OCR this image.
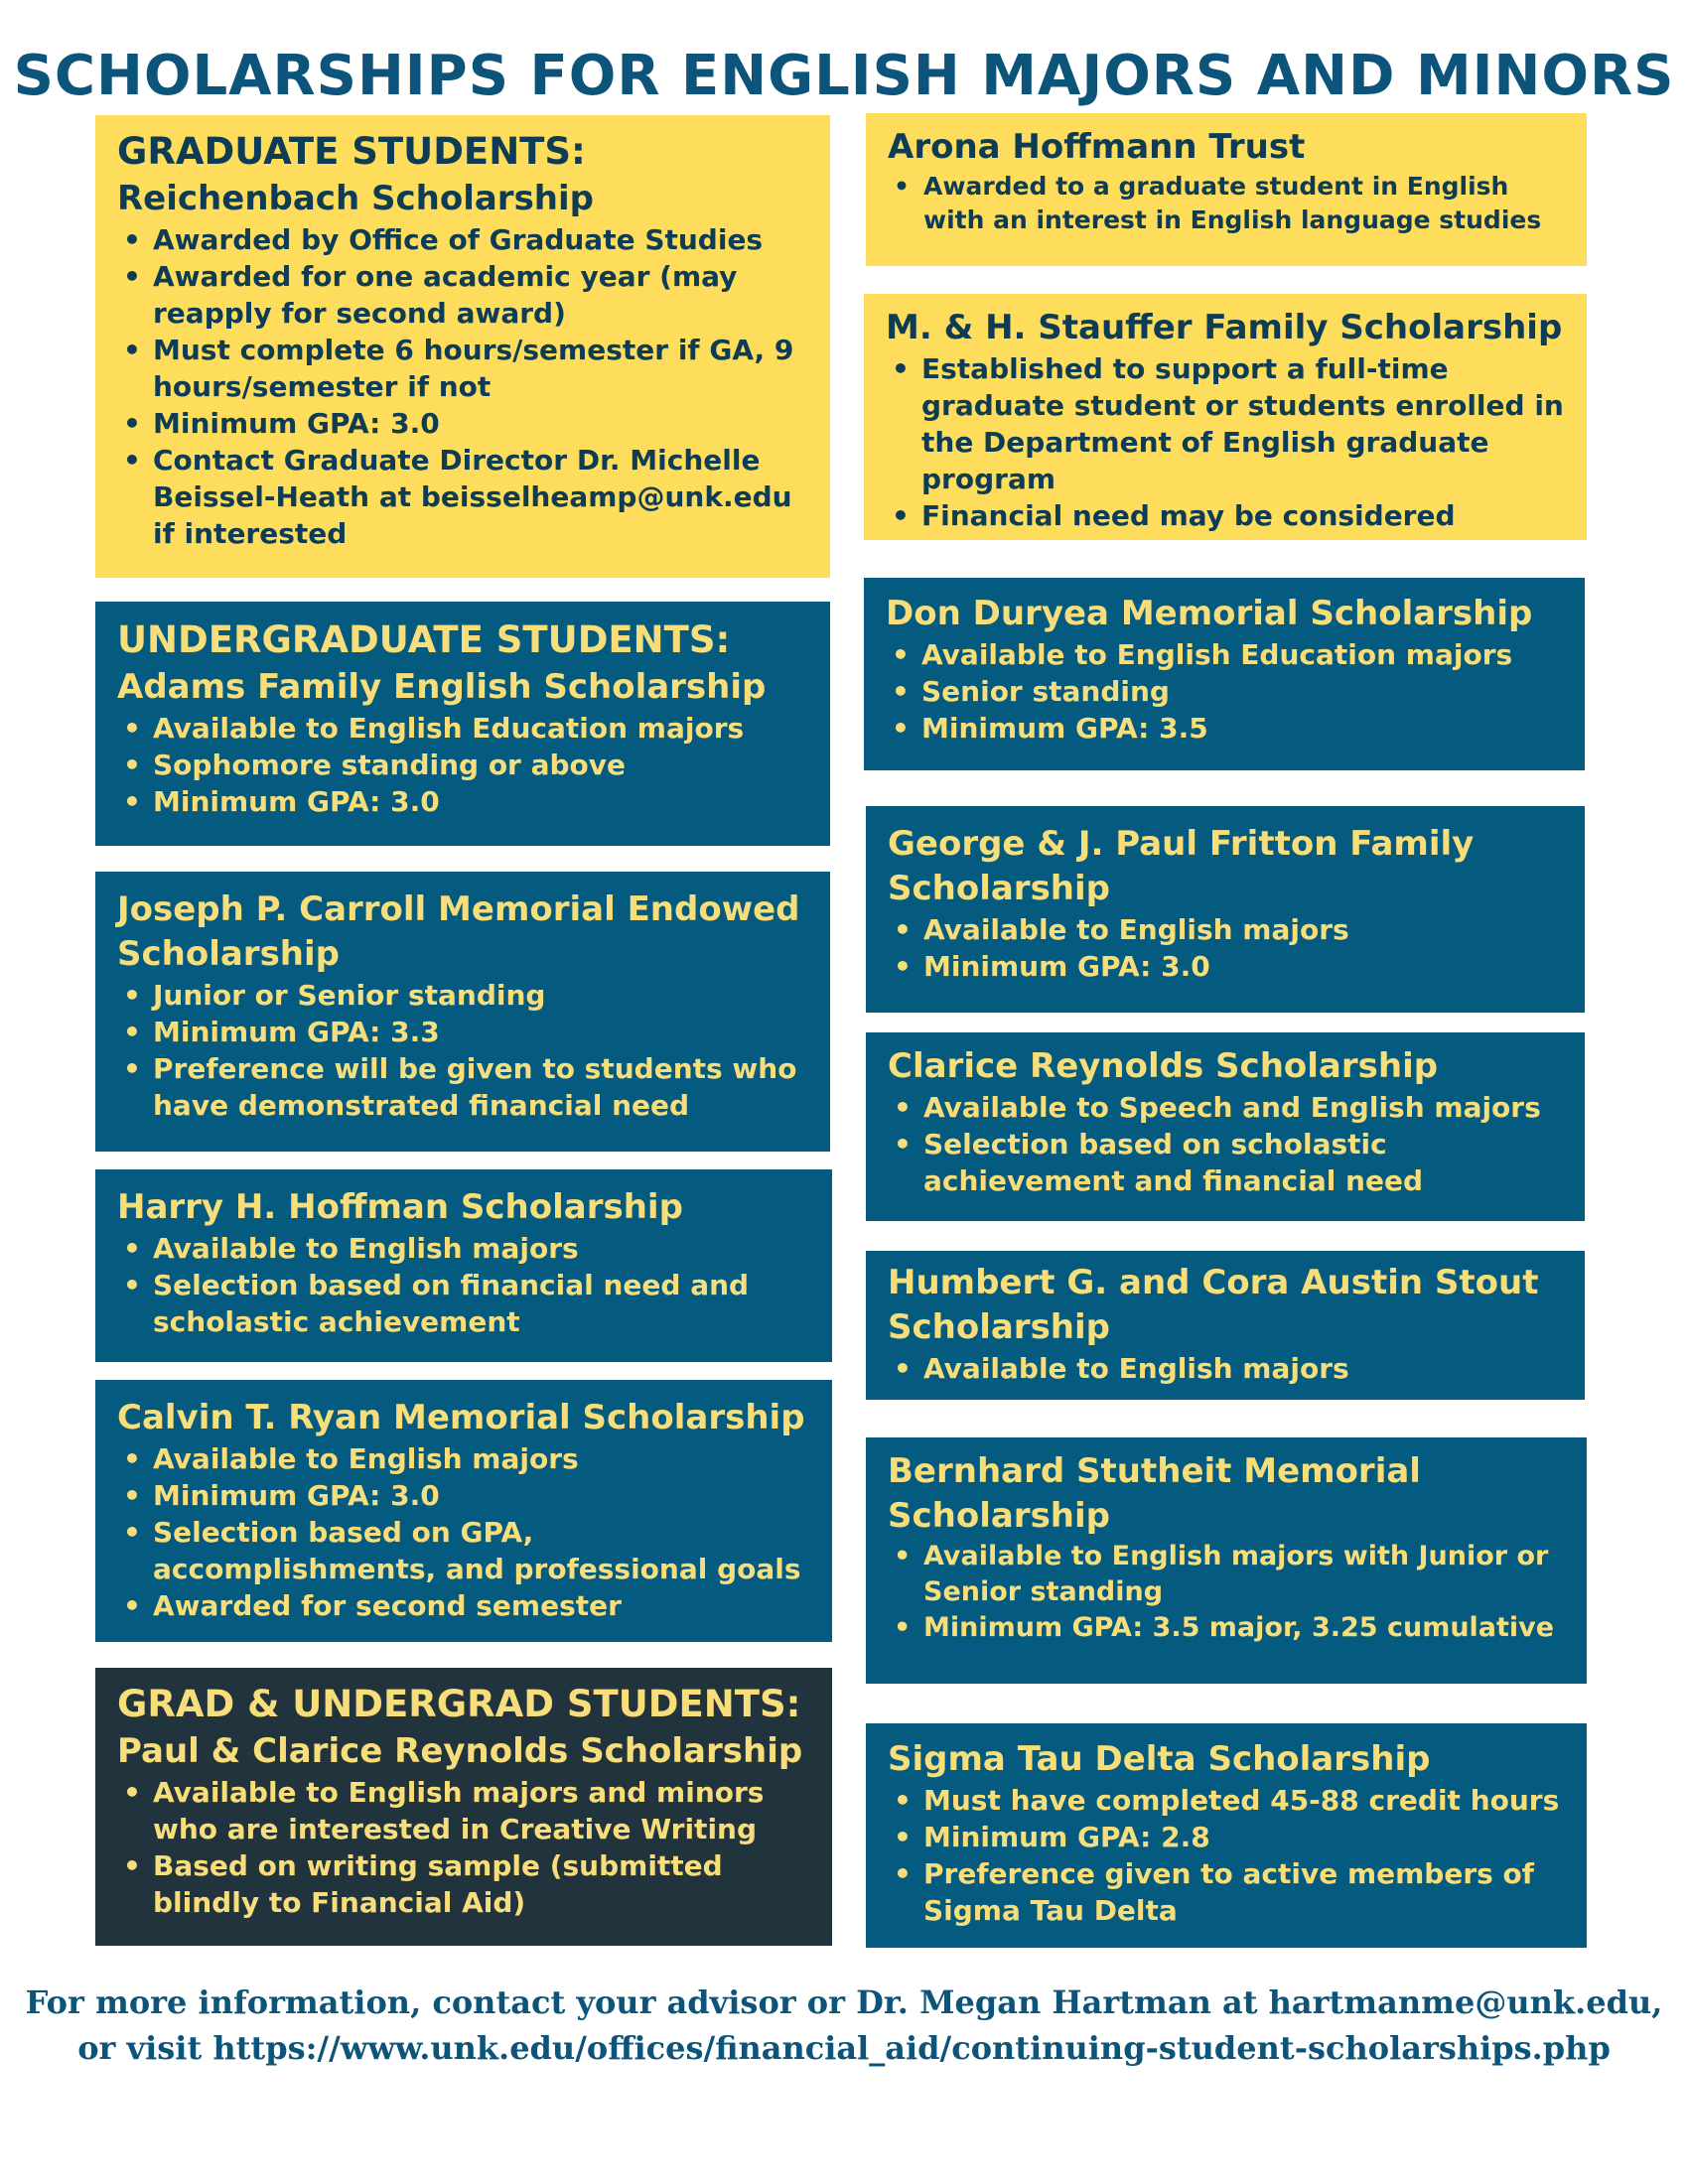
SCHOLARSHIPS FOR ENGLISH MAJORS AND MINORS
GRADUATE STUDENTS:
Reichenbach Scholarship
• Awarded by Office of Graduate Studies
• Awarded for one academic year (may reapply for second award)
• Must complete 6 hours/semester if GA, 9 hours/semester if not
• Minimum GPA: 3.0
• Contact Graduate Director Dr. Michelle Beissel-Heath at beisselheamp@unk.edu if interested
UNDERGRADUATE STUDENTS:
Adams Family English Scholarship
• Available to English Education majors
• Sophomore standing or above
• Minimum GPA: 3.0
Joseph P. Carroll Memorial Endowed Scholarship
• Junior or Senior standing
• Minimum GPA: 3.3
• Preference will be given to students who have demonstrated financial need
Harry H. Hoffman Scholarship
• Available to English majors
• Selection based on financial need and scholastic achievement
Calvin T. Ryan Memorial Scholarship
• Available to English majors
• Minimum GPA: 3.0
• Selection based on GPA, accomplishments, and professional goals
• Awarded for second semester
GRAD & UNDERGRAD STUDENTS:
Paul & Clarice Reynolds Scholarship
• Available to English majors and minors who are interested in Creative Writing
• Based on writing sample (submitted blindly to Financial Aid)
Arona Hoffmann Trust
• Awarded to a graduate student in English with an interest in English language studies
M. & H. Stauffer Family Scholarship
• Established to support a full-time graduate student or students enrolled in the Department of English graduate program
• Financial need may be considered
Don Duryea Memorial Scholarship
• Available to English Education majors
• Senior standing
• Minimum GPA: 3.5
George & J. Paul Fritton Family Scholarship
• Available to English majors
• Minimum GPA: 3.0
Clarice Reynolds Scholarship
• Available to Speech and English majors
• Selection based on scholastic achievement and financial need
Humbert G. and Cora Austin Stout Scholarship
• Available to English majors
Bernhard Stutheit Memorial Scholarship
• Available to English majors with Junior or Senior standing
• Minimum GPA: 3.5 major, 3.25 cumulative
Sigma Tau Delta Scholarship
• Must have completed 45-88 credit hours
• Minimum GPA: 2.8
• Preference given to active members of Sigma Tau Delta
For more information, contact your advisor or Dr. Megan Hartman at hartmanme@unk.edu,
or visit https://www.unk.edu/offices/financial_aid/continuing-student-scholarships.php
